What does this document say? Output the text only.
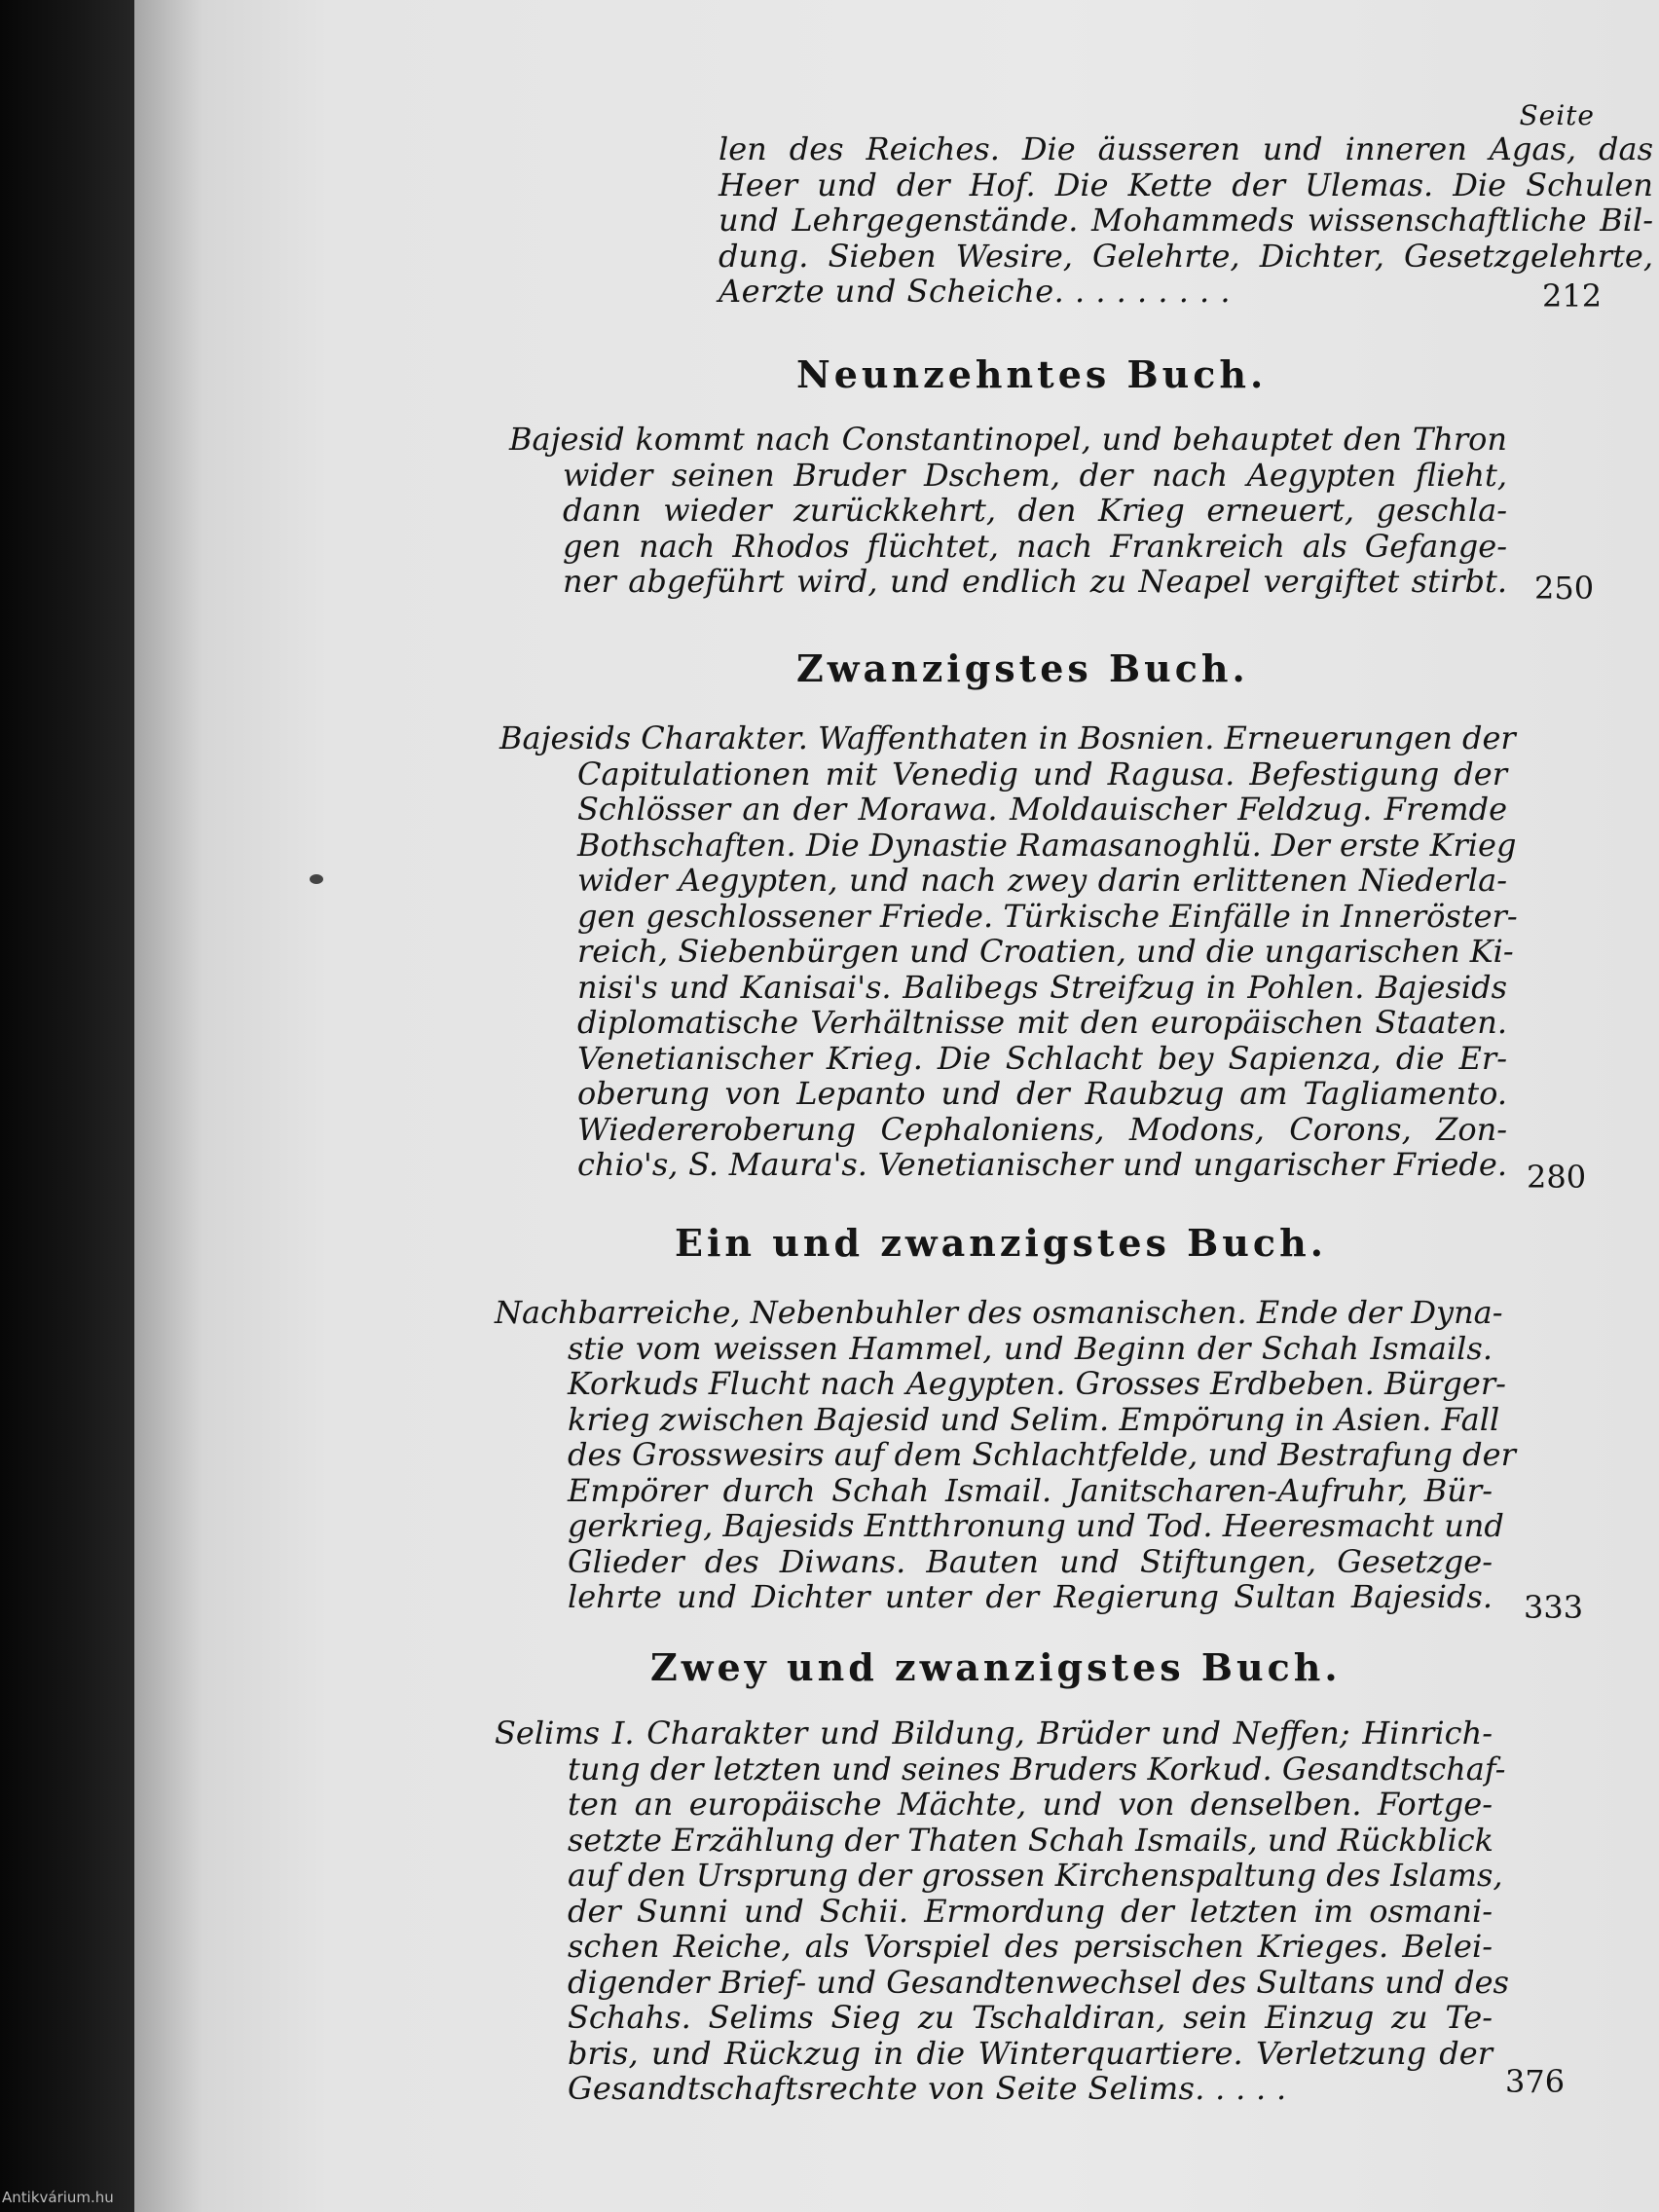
Seite
len des Reiches. Die äusseren und inneren Agas, das
Heer und der Hof. Die Kette der Ulemas. Die Schulen
und Lehrgegenstände. Mohammeds wissenschaftliche Bil-
dung. Sieben Wesire, Gelehrte, Dichter, Gesetzgelehrte,
Aerzte und Scheiche. . . . . . . . .	212
Neunzehntes Buch.
Bajesid kommt nach Constantinopel, und behauptet den Thron
wider seinen Bruder Dschem, der nach Aegypten flieht,
dann wieder zurückkehrt, den Krieg erneuert, geschla-
gen nach Rhodos flüchtet, nach Frankreich als Gefange-
ner abgeführt wird, und endlich zu Neapel vergiftet stirbt. 250
Zwanzigstes Buch.
Bajesids Charakter. Waffenthaten in Bosnien. Erneuerungen der
Capitulationen mit Venedig und Ragusa. Befestigung der
Schlösser an der Morawa. Moldauischer Feldzug. Fremde
Bothschaften. Die Dynastie Ramasanoghlü. Der erste Krieg
wider Aegypten, und nach zwey darin erlittenen Niederla-
gen geschlossener Friede. Türkische Einfälle in Inneröster-
reich, Siebenbürgen und Croatien, und die ungarischen Ki-
nisi's und Kanisai's. Balibegs Streifzug in Pohlen. Bajesids
diplomatische Verhältnisse mit den europäischen Staaten.
Venetianischer Krieg. Die Schlacht bey Sapienza, die Er-
oberung von Lepanto und der Raubzug am Tagliamento.
Wiedereroberung Cephaloniens, Modons, Corons, Zon-
chio's, S. Maura's. Venetianischer und ungarischer Friede. 280
Ein und zwanzigstes Buch.
Nachbarreiche, Nebenbuhler des osmanischen. Ende der Dyna-
stie vom weissen Hammel, und Beginn der Schah Ismails.
Korkuds Flucht nach Aegypten. Grosses Erdbeben. Bürger-
krieg zwischen Bajesid und Selim. Empörung in Asien. Fall
des Grosswesirs auf dem Schlachtfelde, und Bestrafung der
Empörer durch Schah Ismail. Janitscharen-Aufruhr, Bür-
gerkrieg, Bajesids Entthronung und Tod. Heeresmacht und
Glieder des Diwans. Bauten und Stiftungen, Gesetzge-
lehrte und Dichter unter der Regierung Sultan Bajesids. 333
Zwey und zwanzigstes Buch.
Selims I. Charakter und Bildung, Brüder und Neffen; Hinrich-
tung der letzten und seines Bruders Korkud. Gesandtschaf-
ten an europäische Mächte, und von denselben. Fortge-
setzte Erzählung der Thaten Schah Ismails, und Rückblick
auf den Ursprung der grossen Kirchenspaltung des Islams,
der Sunni und Schii. Ermordung der letzten im osmani-
schen Reiche, als Vorspiel des persischen Krieges. Belei-
digender Brief- und Gesandtenwechsel des Sultans und des
Schahs. Selims Sieg zu Tschaldiran, sein Einzug zu Te-
bris, und Rückzug in die Winterquartiere. Verletzung der
Gesandtschaftsrechte von Seite Selims. . . . .	376
Antikvárium.hu
